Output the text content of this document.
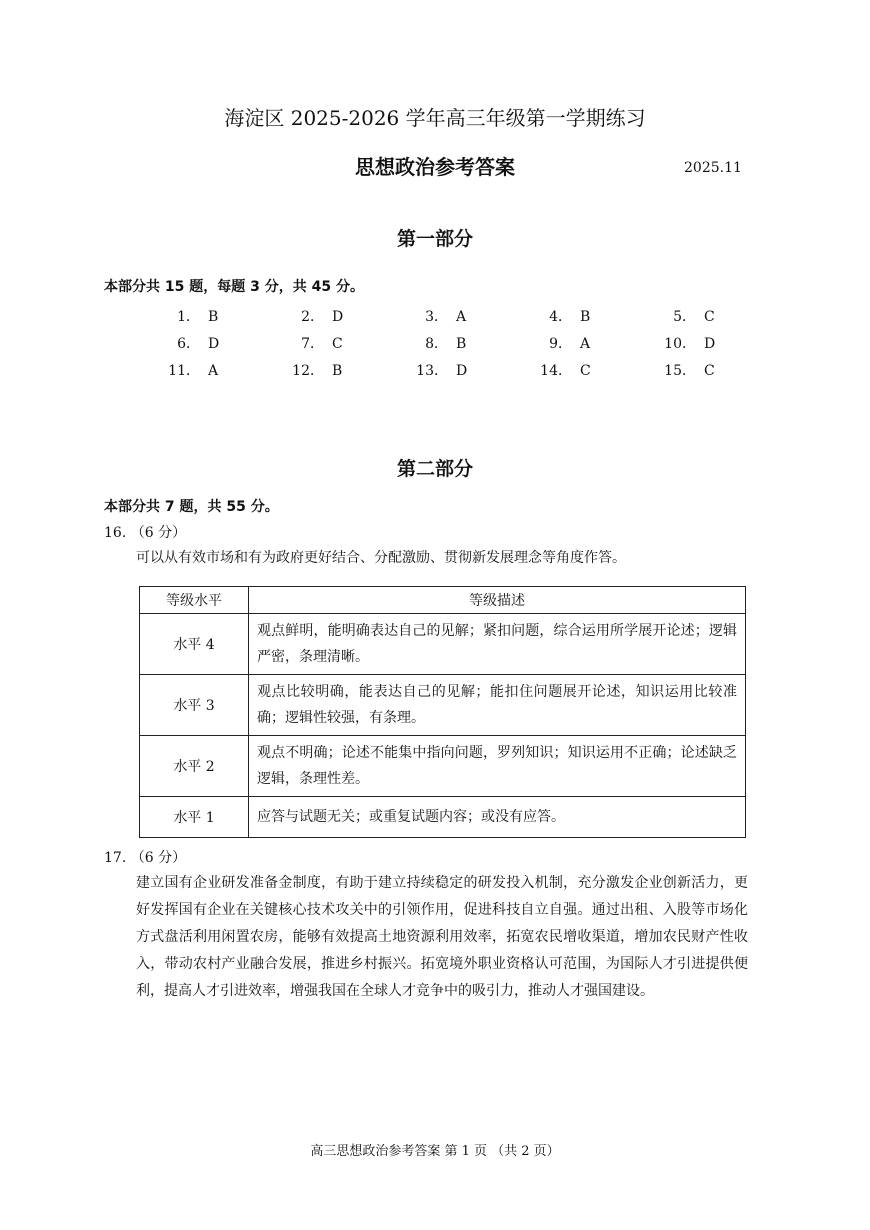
海淀区 2025-2026 学年高三年级第一学期练习
思想政治参考答案	2025.11
第一部分
本部分共 15 题，每题 3 分，共 45 分。
1． B	2． D	3． A	4． B	5． C
6． D	7． C	8． B	9． A	10． D
11． A	12． B	13． D	14． C	15． C
第二部分
本部分共 7 题，共 55 分。
16. （6 分）
可以从有效市场和有为政府更好结合、分配激励、贯彻新发展理念等角度作答。
等级水平	等级描述
水平 4	观点鲜明，能明确表达自己的见解；紧扣问题，综合运用所学展开论述；逻辑严密，条理清晰。
水平 3	观点比较明确，能表达自己的见解；能扣住问题展开论述，知识运用比较准确；逻辑性较强，有条理。
水平 2	观点不明确；论述不能集中指向问题，罗列知识；知识运用不正确；论述缺乏逻辑，条理性差。
水平 1	应答与试题无关；或重复试题内容；或没有应答。
17. （6 分）
建立国有企业研发准备金制度，有助于建立持续稳定的研发投入机制，充分激发企业创新活力，更好发挥国有企业在关键核心技术攻关中的引领作用，促进科技自立自强。通过出租、入股等市场化方式盘活利用闲置农房，能够有效提高土地资源利用效率，拓宽农民增收渠道，增加农民财产性收入，带动农村产业融合发展，推进乡村振兴。拓宽境外职业资格认可范围，为国际人才引进提供便利，提高人才引进效率，增强我国在全球人才竞争中的吸引力，推动人才强国建设。
高三思想政治参考答案 第 1 页 （共 2 页）
